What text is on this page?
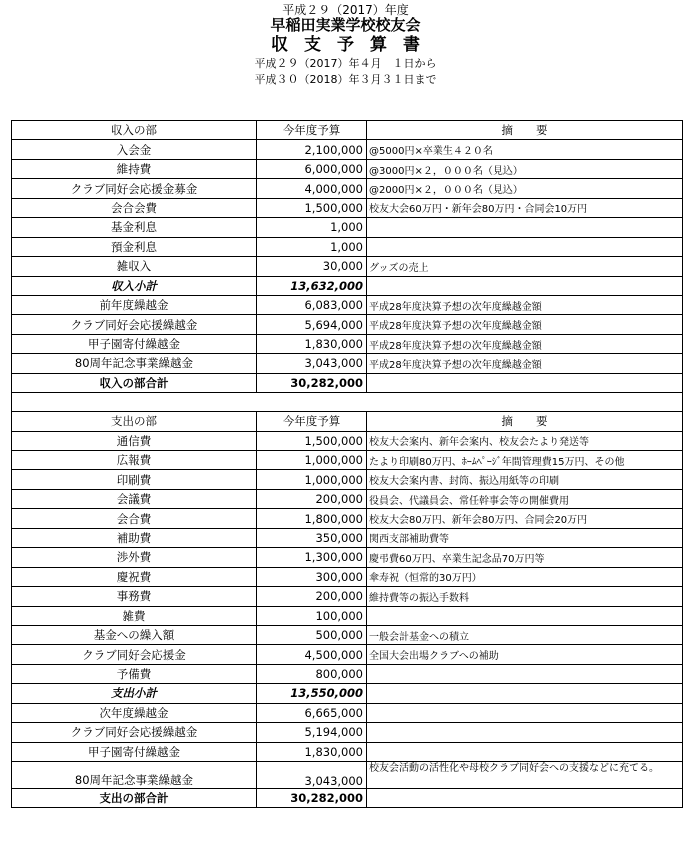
平成２９（2017）年度
早稲田実業学校校友会
収支予算書
平成２９（2017）年４月　１日から
平成３０（2018）年３月３１日まで
収入の部	今年度予算	摘　　要
入会金	2,100,000	@5000円×卒業生４２０名
維持費	6,000,000	@3000円×２，０００名（見込）
クラブ同好会応援金募金	4,000,000	@2000円×２，０００名（見込）
会合会費	1,500,000	校友大会60万円・新年会80万円・合同会10万円
基金利息	1,000	
預金利息	1,000	
雑収入	30,000	グッズの売上
収入小計	13,632,000	
前年度繰越金	6,083,000	平成28年度決算予想の次年度繰越金額
クラブ同好会応援繰越金	5,694,000	平成28年度決算予想の次年度繰越金額
甲子園寄付繰越金	1,830,000	平成28年度決算予想の次年度繰越金額
80周年記念事業繰越金	3,043,000	平成28年度決算予想の次年度繰越金額
収入の部合計	30,282,000	

支出の部	今年度予算	摘　　要
通信費	1,500,000	校友大会案内、新年会案内、校友会たより発送等
広報費	1,000,000	たより印刷80万円、ﾎｰﾑﾍﾟｰｼﾞ年間管理費15万円、その他
印刷費	1,000,000	校友大会案内書、封筒、振込用紙等の印刷
会議費	200,000	役員会、代議員会、常任幹事会等の開催費用
会合費	1,800,000	校友大会80万円、新年会80万円、合同会20万円
補助費	350,000	関西支部補助費等
渉外費	1,300,000	慶弔費60万円、卒業生記念品70万円等
慶祝費	300,000	傘寿祝（恒常的30万円）
事務費	200,000	維持費等の振込手数料
雑費	100,000	
基金への繰入額	500,000	一般会計基金への積立
クラブ同好会応援金	4,500,000	全国大会出場クラブへの補助
予備費	800,000	
支出小計	13,550,000	
次年度繰越金	6,665,000	
クラブ同好会応援繰越金	5,194,000	
甲子園寄付繰越金	1,830,000	
80周年記念事業繰越金	3,043,000	校友会活動の活性化や母校クラブ同好会への支援などに充てる。
支出の部合計	30,282,000	
